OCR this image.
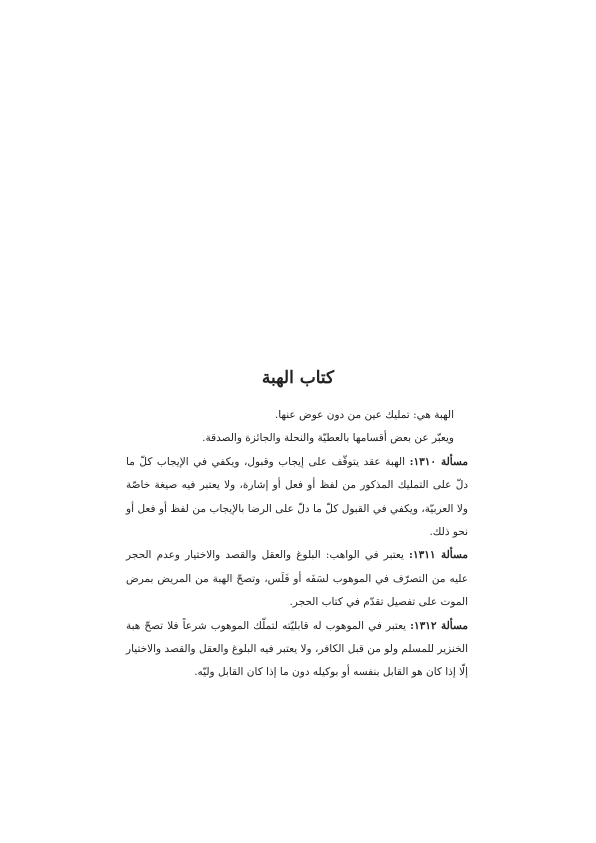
كتاب الهبة

الهبة هي: تمليك عين من دون عوض عنها.

ويعبّر عن بعض أقسامها بالعطيّة والنحلة والجائزة والصدقة.

مسألة ١٣١٠: الهبة عقد يتوقّف على إيجاب وقبول، ويكفي في الإيجاب كلّ ما دلّ على التمليك المذكور من لفظ أو فعل أو إشارة، ولا يعتبر فيه صيغة خاصّة ولا العربيّة، ويكفي في القبول كلّ ما دلّ على الرضا بالإيجاب من لفظ أو فعل أو نحو ذلك.

مسألة ١٣١١: يعتبر في الواهب: البلوغ والعقل والقصد والاختيار وعدم الحجر عليه من التصرّف في الموهوب لسَفَه أو فَلَس، وتصحّ الهبة من المريض بمرض الموت على تفصيل تقدّم في كتاب الحجر.

مسألة ١٣١٢: يعتبر في الموهوب له قابليّته لتملّك الموهوب شرعاً فلا تصحّ هبة الخنزير للمسلم ولو من قبل الكافر، ولا يعتبر فيه البلوغ والعقل والقصد والاختيار إلّا إذا كان هو القابل بنفسه أو بوكيله دون ما إذا كان القابل وليّه.
